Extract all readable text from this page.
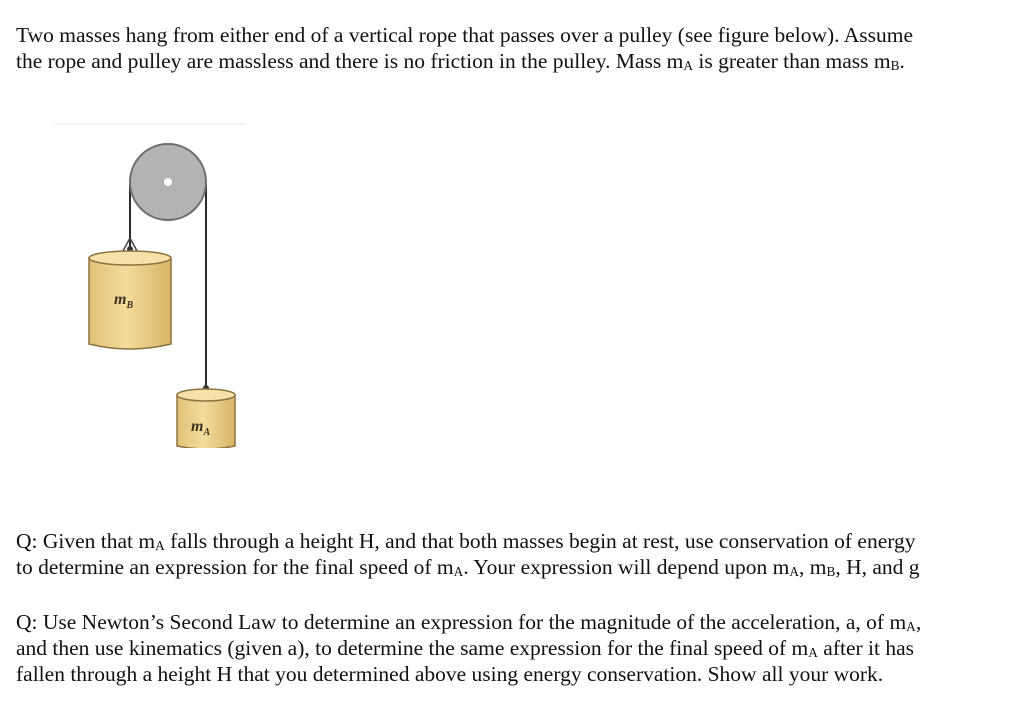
Two masses hang from either end of a vertical rope that passes over a pulley (see figure below). Assume
the rope and pulley are massless and there is no friction in the pulley. Mass $m_A$ is greater than mass $m_B$.

$m_B$
$m_A$

Q: Given that $m_A$ falls through a height H, and that both masses begin at rest, use conservation of energy
to determine an expression for the final speed of $m_A$. Your expression will depend upon $m_A$, $m_B$, H, and g

Q: Use Newton’s Second Law to determine an expression for the magnitude of the acceleration, a, of $m_A$,
and then use kinematics (given a), to determine the same expression for the final speed of $m_A$ after it has
fallen through a height H that you determined above using energy conservation. Show all your work.
